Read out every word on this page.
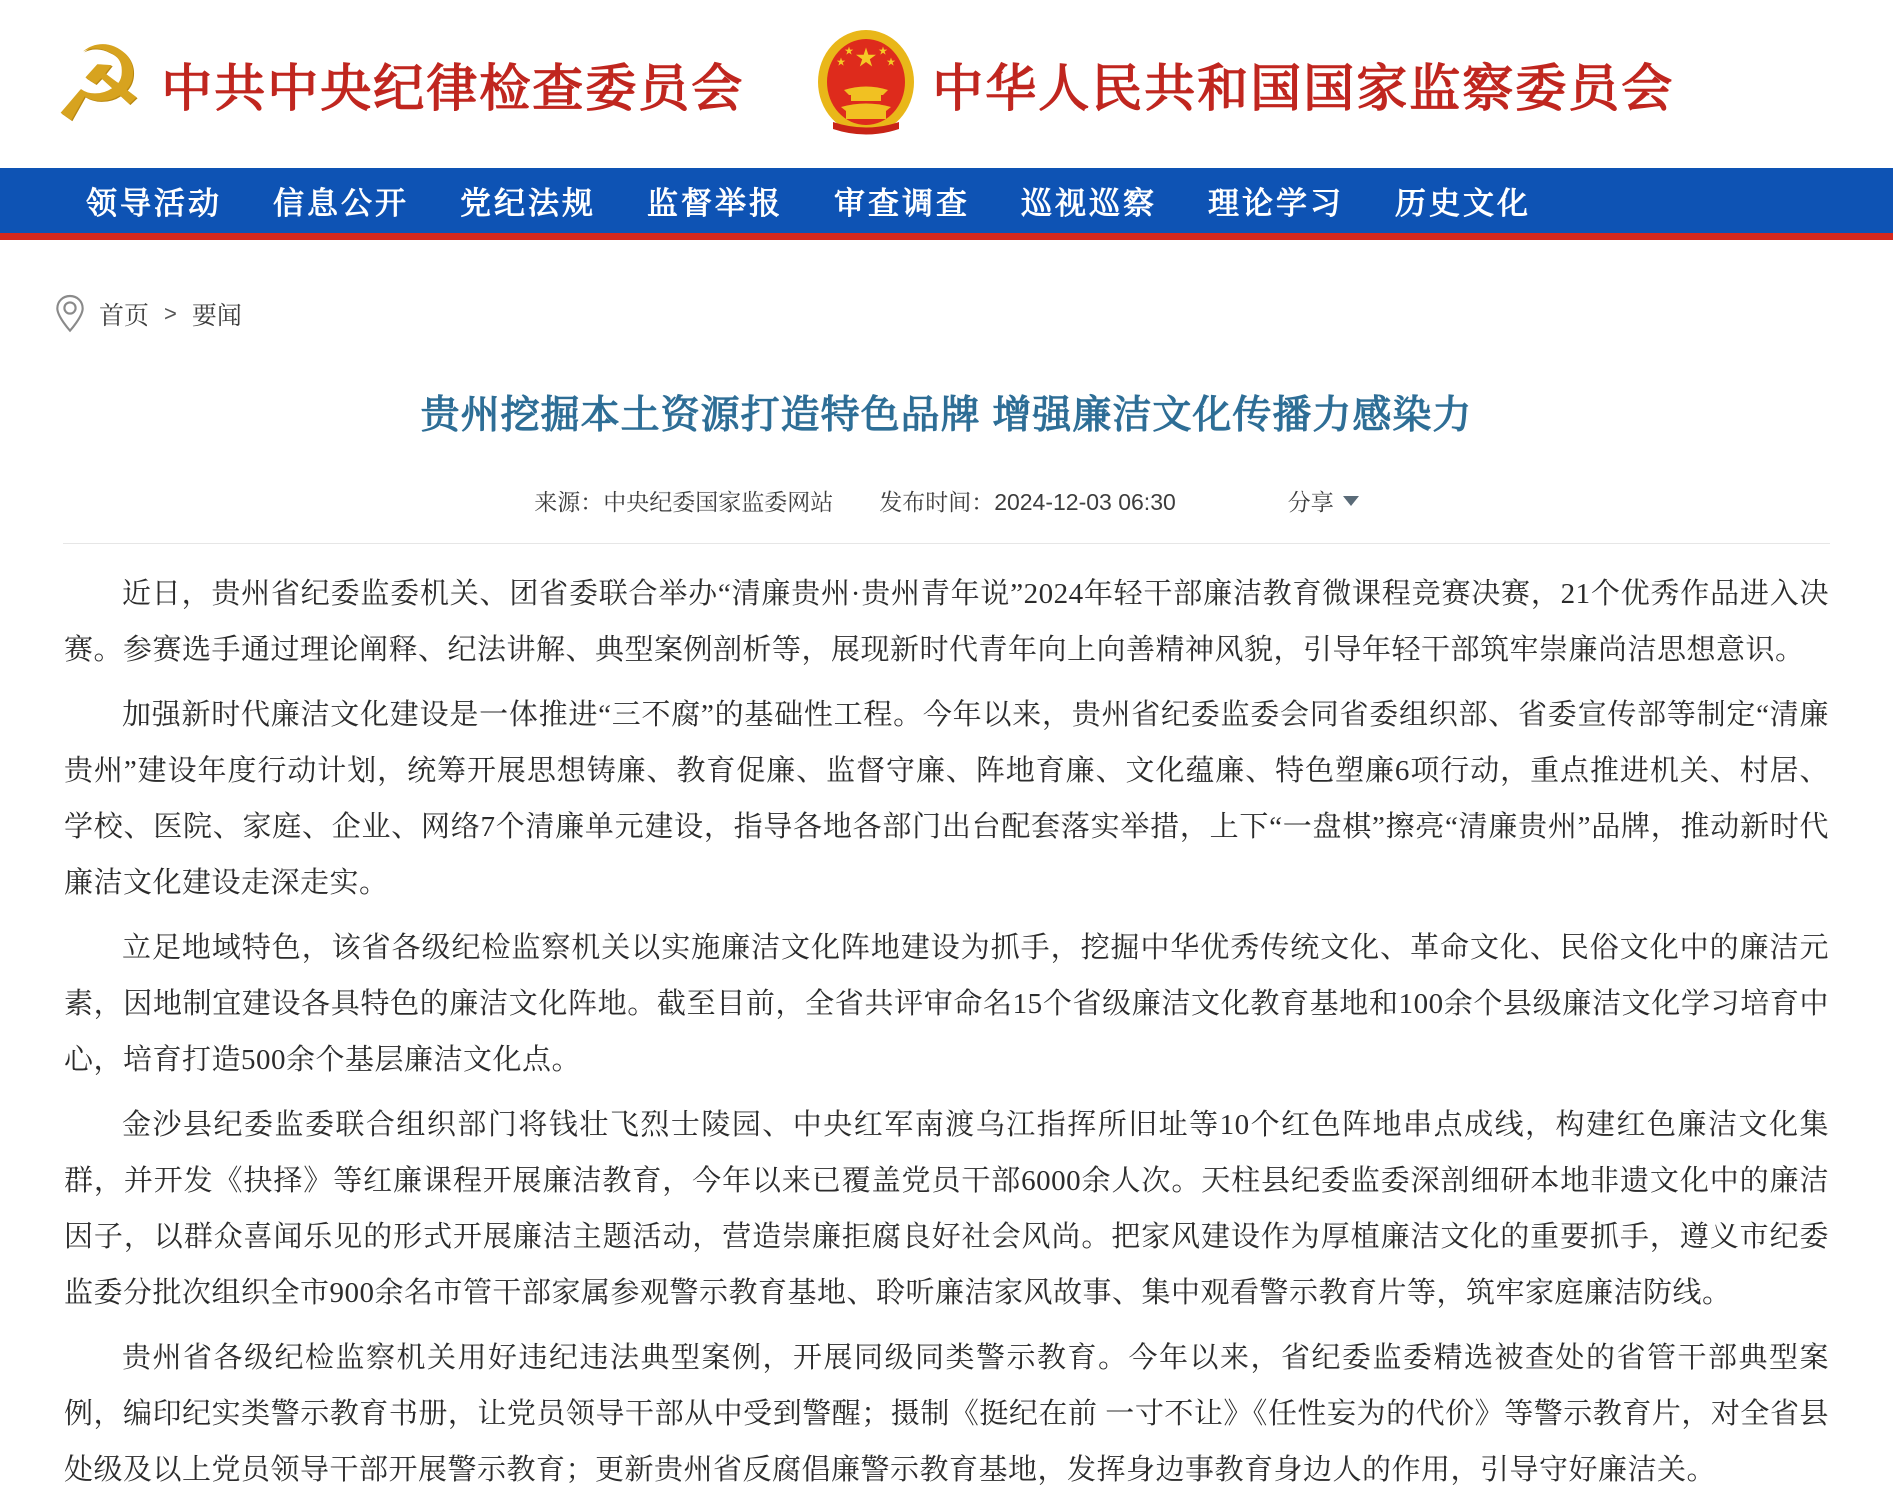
☭ 中共中央纪律检查委员会	中华人民共和国国家监察委员会
领导活动 信息公开 党纪法规 监督举报 审查调查 巡视巡察 理论学习 历史文化
首页 > 要闻
贵州挖掘本土资源打造特色品牌 增强廉洁文化传播力感染力
来源：中央纪委国家监委网站 发布时间：2024-12-03 06:30	分享

近日，贵州省纪委监委机关、团省委联合举办“清廉贵州·贵州青年说”2024年轻干部廉洁教育微课程竞赛决赛，21个优秀作品进入决赛。参赛选手通过理论阐释、纪法讲解、典型案例剖析等，展现新时代青年向上向善精神风貌，引导年轻干部筑牢崇廉尚洁思想意识。

加强新时代廉洁文化建设是一体推进“三不腐”的基础性工程。今年以来，贵州省纪委监委会同省委组织部、省委宣传部等制定“清廉贵州”建设年度行动计划，统筹开展思想铸廉、教育促廉、监督守廉、阵地育廉、文化蕴廉、特色塑廉6项行动，重点推进机关、村居、学校、医院、家庭、企业、网络7个清廉单元建设，指导各地各部门出台配套落实举措，上下“一盘棋”擦亮“清廉贵州”品牌，推动新时代廉洁文化建设走深走实。

立足地域特色，该省各级纪检监察机关以实施廉洁文化阵地建设为抓手，挖掘中华优秀传统文化、革命文化、民俗文化中的廉洁元素，因地制宜建设各具特色的廉洁文化阵地。截至目前，全省共评审命名15个省级廉洁文化教育基地和100余个县级廉洁文化学习培育中心，培育打造500余个基层廉洁文化点。

金沙县纪委监委联合组织部门将钱壮飞烈士陵园、中央红军南渡乌江指挥所旧址等10个红色阵地串点成线，构建红色廉洁文化集群，并开发《抉择》等红廉课程开展廉洁教育，今年以来已覆盖党员干部6000余人次。天柱县纪委监委深剖细研本地非遗文化中的廉洁因子，以群众喜闻乐见的形式开展廉洁主题活动，营造崇廉拒腐良好社会风尚。把家风建设作为厚植廉洁文化的重要抓手，遵义市纪委监委分批次组织全市900余名市管干部家属参观警示教育基地、聆听廉洁家风故事、集中观看警示教育片等，筑牢家庭廉洁防线。

贵州省各级纪检监察机关用好违纪违法典型案例，开展同级同类警示教育。今年以来，省纪委监委精选被查处的省管干部典型案例，编印纪实类警示教育书册，让党员领导干部从中受到警醒；摄制《挺纪在前 一寸不让》《任性妄为的代价》等警示教育片，对全省县处级及以上党员领导干部开展警示教育；更新贵州省反腐倡廉警示教育基地，发挥身边事教育身边人的作用，引导守好廉洁关。
